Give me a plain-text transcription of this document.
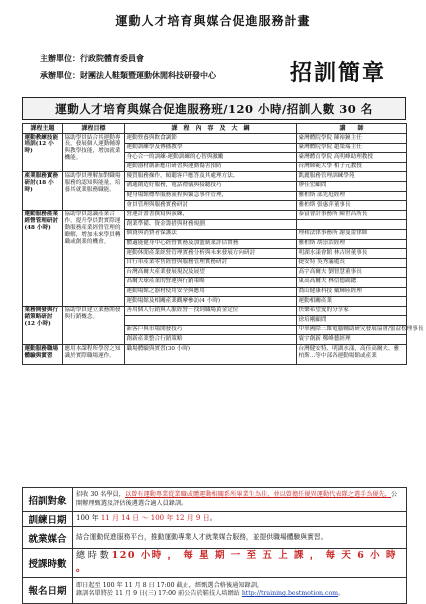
運動人才培育與媒合促進服務計畫
主辦單位：行政院體育委員會
承辦單位：財團法人鞋類暨運動休閒科技研發中心	招訓簡章
運動人才培育與媒合促進服務班/120 小時/招訓人數 30 名
課程主題	課程目標	課　程　內　容　及　大　綱	講　　師
運動教練技能培訓(12 小時)	協助學員結合其運動專長，發展個人運動輔導與教學技能，增加就業機能。	運動營養與飲食調節	臺灣體院學院 陳裕鐘主任
		運動訓練學及傳播教學	臺灣體院學院 趙榮瑞主任
		身心合一的訓練-運動訓練的心智與激勵	臺灣體育學院 高明峰助理教授
		運動器材創新應用研習與運動傷害預防	台灣師範大學 相子元教授
產業服務實務研討(18 小時)	協助學員理解加對職場服務的認知與能量，培養其就業服務職能。	優質服務操作，傾聽客戶應答及其處理方法、	凱麗服務管理訓練學苑
		溝通創造好服務，電話禮儀與接聽技巧	廖佳宏顧問
		健身場館標準服務流程與緊急事件管理，	雅柏斯 部先庭經理
		會員管理與服務實務研討	雅柏斯 張惠萍董事長
運動服務產業經營管理研討(48 小時)	協助學員認識產業合作，提升學員對實際運動服務產業經營管理的瞭解，增加未來學員轉職或創業的機會。	營運計畫書撰寫與演練，	泰富會計事務所 陳世昌所長
		創業準備、資金籌措與財務規劃	
		個資與消費者保護法	理和法律事務所 謝曼蕾律師
		體適能健身中心經營實務及加盟制業評估實務	雅柏斯 胡崇浩經理
		運動休閒產業經營管理實務分析與未來發展方向研討	明湖水漾會館 林吉財董事長
		自行車產業零售經營與服務管理實務研討	捷安特 吳秀滿處長
		台灣高爾夫產業發展現況及展望	高宇高爾夫 劉智慧董事長
		高爾夫球產業的營運與行銷策略	東高高爾夫 林信德副總
		運動場館之器材使用安全與應用	喬山健康科技 戴輝陸經理
		運動場館及相關產業觀摩參訪(4 小時)	運動相關產業
業務開發與行銷策略研討(12 小時)	協助學員建立業務開發與行銷概念。	善用個人行銷與人脈經營－找到職場黃金定位	快樂希望愛的分享家
			徐培剛顧問
		新客戶與市場開發技巧	中華國際三維電腦輔助研究發展協會/張益松理事長
		創新產業整合行銷策略	寰宇創新 鄭峰藝經理
運動服務職場體驗與實習	應用本課程所學習之知識於實際職場運作。	職場體驗與實習(30 小時)	台灣健安特、明湖水漾，高佳高爾夫、雅柏斯…等中部各運動場館或產業
招訓對象	招收 30 名學員，以曾有運動專業從業職或體運動相關系所畢業生為佳，並以曾擔任優異運動代表隊之選手為優先，公開辦理甄選及評估後遴選合適人員錄訓。
訓練日期	100 年 11 月 14 日 ～ 100 年 12 月 9 日。
就業媒合	結合運動促進服務平台，推動運動專業人才就業媒合服務，並提供職場體驗與實習。
授課時數	總 時 數 120 小時 ， 每 星 期 一 至 五 上 課 ， 每 天 6 小 時 。
報名日期	即日起至 100 年 11 月 8 日 17:00 截止，經甄選合格後通知錄訓，
錄訓名單將於 11 月 9 日(三) 17:00 前公告於鞋技人培網站 http://training.bestmotion.com。
